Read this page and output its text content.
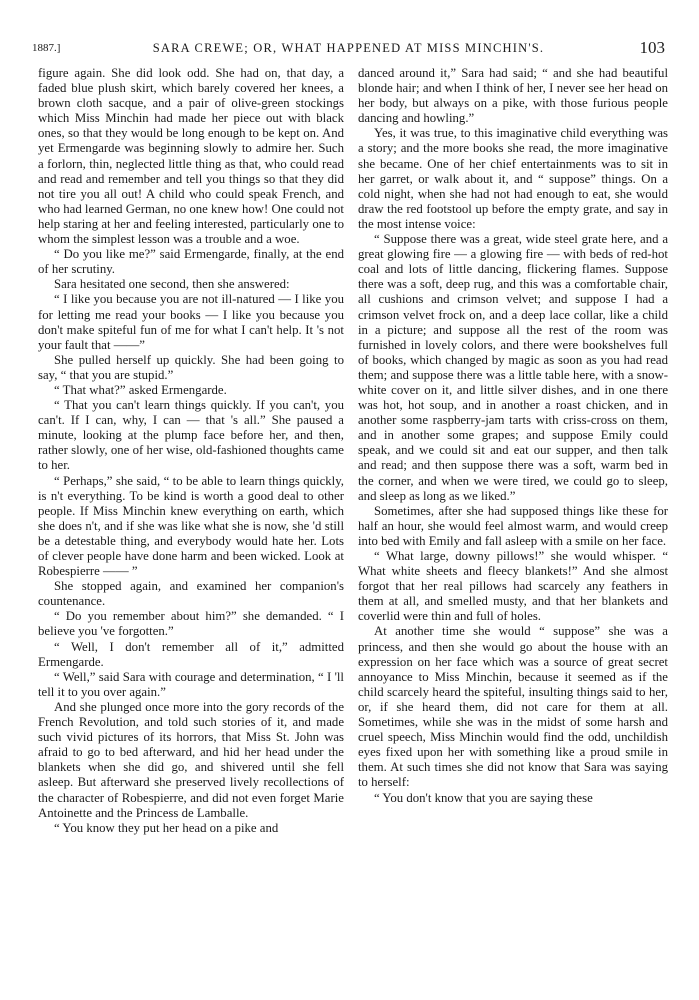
1887.]	SARA CREWE; OR, WHAT HAPPENED AT MISS MINCHIN'S.	103

figure again. She did look odd. She had on, that day, a faded blue plush skirt, which barely covered her knees, a brown cloth sacque, and a pair of olive-green stockings which Miss Minchin had made her piece out with black ones, so that they would be long enough to be kept on. And yet Ermengarde was beginning slowly to admire her. Such a forlorn, thin, neglected little thing as that, who could read and read and remember and tell you things so that they did not tire you all out! A child who could speak French, and who had learned German, no one knew how! One could not help staring at her and feeling interested, particularly one to whom the simplest lesson was a trouble and a woe.

“ Do you like me?” said Ermengarde, finally, at the end of her scrutiny.

Sara hesitated one second, then she answered:

“ I like you because you are not ill-natured — I like you for letting me read your books — I like you because you don't make spiteful fun of me for what I can't help. It 's not your fault that ——”

She pulled herself up quickly. She had been going to say, “ that you are stupid.”

“ That what?” asked Ermengarde.

“ That you can't learn things quickly. If you can't, you can't. If I can, why, I can — that 's all.” She paused a minute, looking at the plump face before her, and then, rather slowly, one of her wise, old-fashioned thoughts came to her.

“ Perhaps,” she said, “ to be able to learn things quickly, is n't everything. To be kind is worth a good deal to other people. If Miss Minchin knew everything on earth, which she does n't, and if she was like what she is now, she 'd still be a detestable thing, and everybody would hate her. Lots of clever people have done harm and been wicked. Look at Robespierre —— ”

She stopped again, and examined her companion's countenance.

“ Do you remember about him?” she demanded. “ I believe you 've forgotten.”

“ Well, I don't remember all of it,” admitted Ermengarde.

“ Well,” said Sara with courage and determination, “ I 'll tell it to you over again.”

And she plunged once more into the gory records of the French Revolution, and told such stories of it, and made such vivid pictures of its horrors, that Miss St. John was afraid to go to bed afterward, and hid her head under the blankets when she did go, and shivered until she fell asleep. But afterward she preserved lively recollections of the character of Robespierre, and did not even forget Marie Antoinette and the Princess de Lamballe.

“ You know they put her head on a pike and

danced around it,” Sara had said; “ and she had beautiful blonde hair; and when I think of her, I never see her head on her body, but always on a pike, with those furious people dancing and howling.”

Yes, it was true, to this imaginative child everything was a story; and the more books she read, the more imaginative she became. One of her chief entertainments was to sit in her garret, or walk about it, and “ suppose” things. On a cold night, when she had not had enough to eat, she would draw the red footstool up before the empty grate, and say in the most intense voice:

“ Suppose there was a great, wide steel grate here, and a great glowing fire — a glowing fire — with beds of red-hot coal and lots of little dancing, flickering flames. Suppose there was a soft, deep rug, and this was a comfortable chair, all cushions and crimson velvet; and suppose I had a crimson velvet frock on, and a deep lace collar, like a child in a picture; and suppose all the rest of the room was furnished in lovely colors, and there were bookshelves full of books, which changed by magic as soon as you had read them; and suppose there was a little table here, with a snow-white cover on it, and little silver dishes, and in one there was hot, hot soup, and in another a roast chicken, and in another some raspberry-jam tarts with criss-cross on them, and in another some grapes; and suppose Emily could speak, and we could sit and eat our supper, and then talk and read; and then suppose there was a soft, warm bed in the corner, and when we were tired, we could go to sleep, and sleep as long as we liked.”

Sometimes, after she had supposed things like these for half an hour, she would feel almost warm, and would creep into bed with Emily and fall asleep with a smile on her face.

“ What large, downy pillows!” she would whisper. “ What white sheets and fleecy blankets!” And she almost forgot that her real pillows had scarcely any feathers in them at all, and smelled musty, and that her blankets and coverlid were thin and full of holes.

At another time she would “ suppose” she was a princess, and then she would go about the house with an expression on her face which was a source of great secret annoyance to Miss Minchin, because it seemed as if the child scarcely heard the spiteful, insulting things said to her, or, if she heard them, did not care for them at all. Sometimes, while she was in the midst of some harsh and cruel speech, Miss Minchin would find the odd, unchildish eyes fixed upon her with something like a proud smile in them. At such times she did not know that Sara was saying to herself:

“ You don't know that you are saying these
